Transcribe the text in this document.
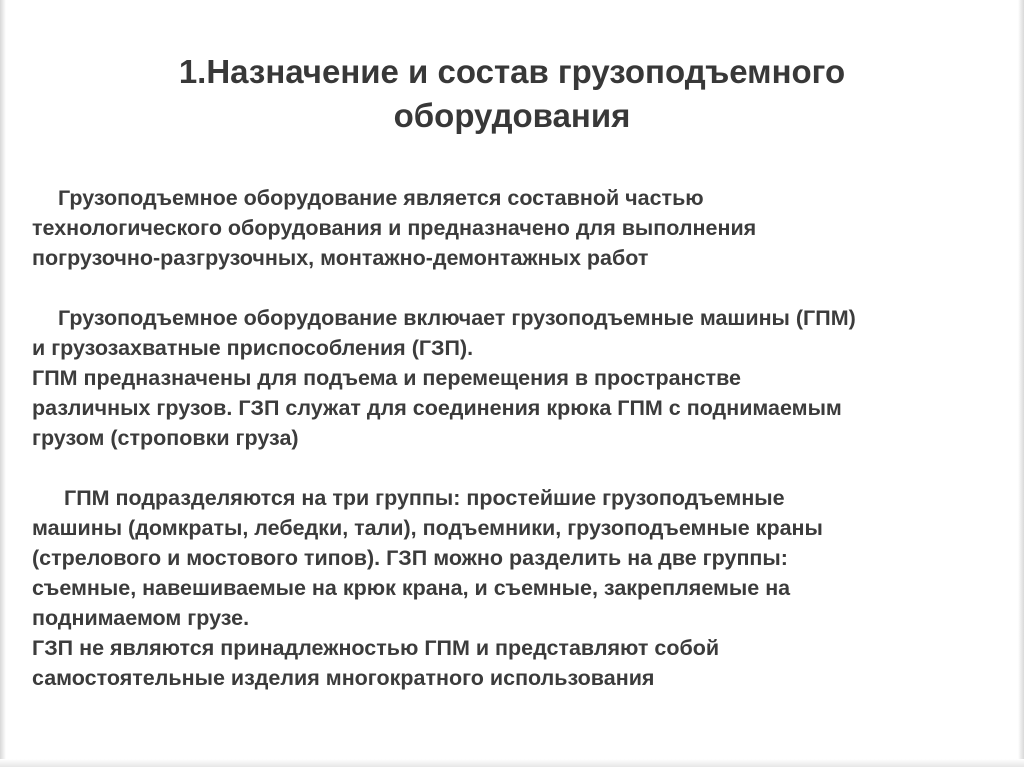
1.Назначение и состав грузоподъемного
оборудования
Грузоподъемное оборудование является составной частью
технологического оборудования и предназначено для выполнения
погрузочно-разгрузочных, монтажно-демонтажных работ
Грузоподъемное оборудование включает грузоподъемные машины (ГПМ)
и грузозахватные приспособления (ГЗП).
ГПМ предназначены для подъема и перемещения в пространстве
различных грузов. ГЗП служат для соединения крюка ГПМ с поднимаемым
грузом (строповки груза)
ГПМ подразделяются на три группы: простейшие грузоподъемные
машины (домкраты, лебедки, тали), подъемники, грузоподъемные краны
(стрелового и мостового типов). ГЗП можно разделить на две группы:
съемные, навешиваемые на крюк крана, и съемные, закрепляемые на
поднимаемом грузе.
ГЗП не являются принадлежностью ГПМ и представляют собой
самостоятельные изделия многократного использования
